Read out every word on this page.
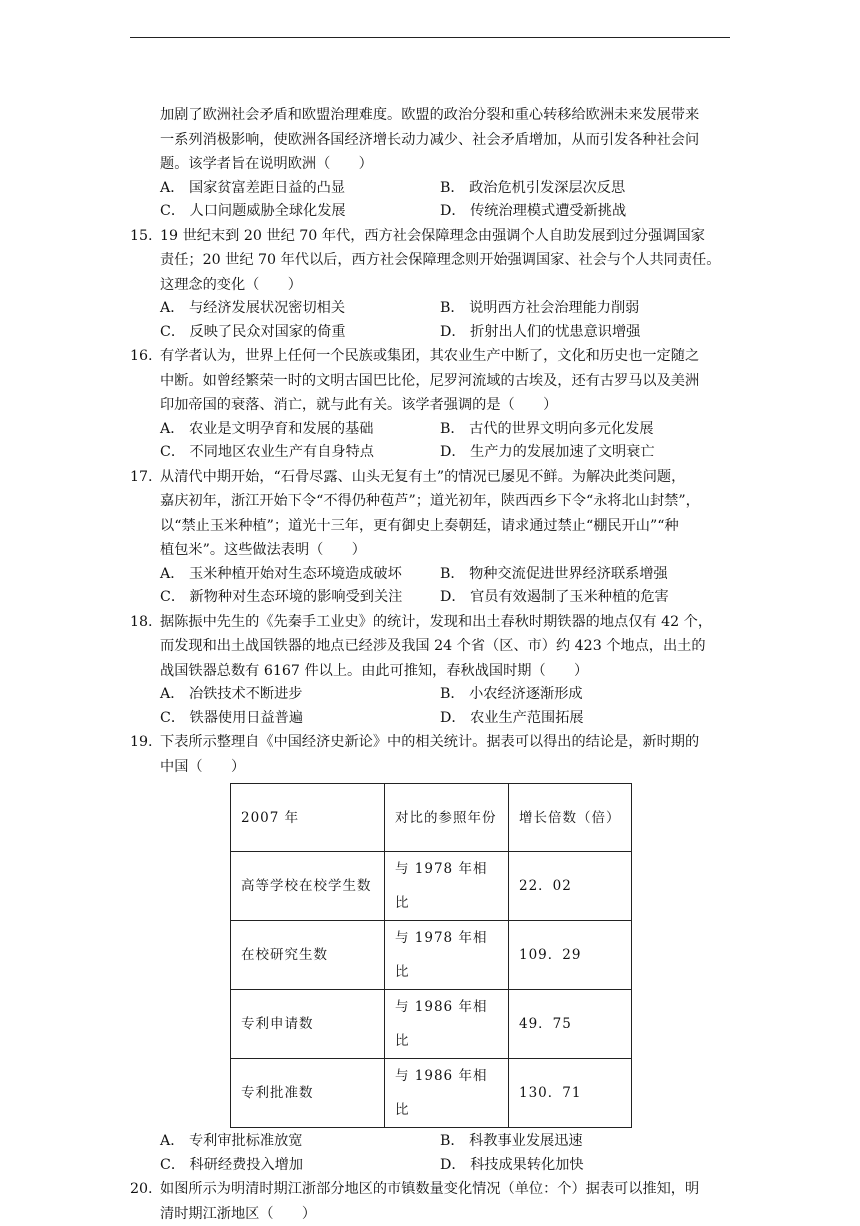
加剧了欧洲社会矛盾和欧盟治理难度。欧盟的政治分裂和重心转移给欧洲未来发展带来
一系列消极影响，使欧洲各国经济增长动力减少、社会矛盾增加，从而引发各种社会问
题。该学者旨在说明欧洲（　　）
A． 国家贫富差距日益的凸显	B． 政治危机引发深层次反思
C． 人口问题威胁全球化发展	D． 传统治理模式遭受新挑战
15. 19 世纪末到 20 世纪 70 年代，西方社会保障理念由强调个人自助发展到过分强调国家
责任；20 世纪 70 年代以后，西方社会保障理念则开始强调国家、社会与个人共同责任。
这理念的变化（　　）
A． 与经济发展状况密切相关	B． 说明西方社会治理能力削弱
C． 反映了民众对国家的倚重	D． 折射出人们的忧患意识增强
16. 有学者认为，世界上任何一个民族或集团，其农业生产中断了，文化和历史也一定随之
中断。如曾经繁荣一时的文明古国巴比伦，尼罗河流域的古埃及，还有古罗马以及美洲
印加帝国的衰落、消亡，就与此有关。该学者强调的是（　　）
A． 农业是文明孕育和发展的基础	B． 古代的世界文明向多元化发展
C． 不同地区农业生产有自身特点	D． 生产力的发展加速了文明衰亡
17. 从清代中期开始，“石骨尽露、山头无复有土”的情况已屡见不鲜。为解决此类问题，
嘉庆初年，浙江开始下令“不得仍种苞芦”；道光初年，陕西西乡下令“永将北山封禁”，
以“禁止玉米种植”；道光十三年，更有御史上奏朝廷，请求通过禁止“棚民开山”“种
植包米”。这些做法表明（　　）
A． 玉米种植开始对生态环境造成破坏	B． 物种交流促进世界经济联系增强
C． 新物种对生态环境的影响受到关注	D． 官员有效遏制了玉米种植的危害
18. 据陈振中先生的《先秦手工业史》的统计，发现和出土春秋时期铁器的地点仅有 42 个，
而发现和出土战国铁器的地点已经涉及我国 24 个省（区、市）约 423 个地点，出土的
战国铁器总数有 6167 件以上。由此可推知，春秋战国时期（　　）
A． 冶铁技术不断进步	B． 小农经济逐渐形成
C． 铁器使用日益普遍	D． 农业生产范围拓展
19. 下表所示整理自《中国经济史新论》中的相关统计。据表可以得出的结论是，新时期的
中国（　　）
2007 年	对比的参照年份	增长倍数（倍）
高等学校在校学生数	与 1978 年相比	22．02
在校研究生数	与 1978 年相比	109．29
专利申请数	与 1986 年相比	49．75
专利批准数	与 1986 年相比	130．71
A． 专利审批标准放宽	B． 科教事业发展迅速
C． 科研经费投入增加	D． 科技成果转化加快
20. 如图所示为明清时期江浙部分地区的市镇数量变化情况（单位：个）据表可以推知，明
清时期江浙地区（　　）
